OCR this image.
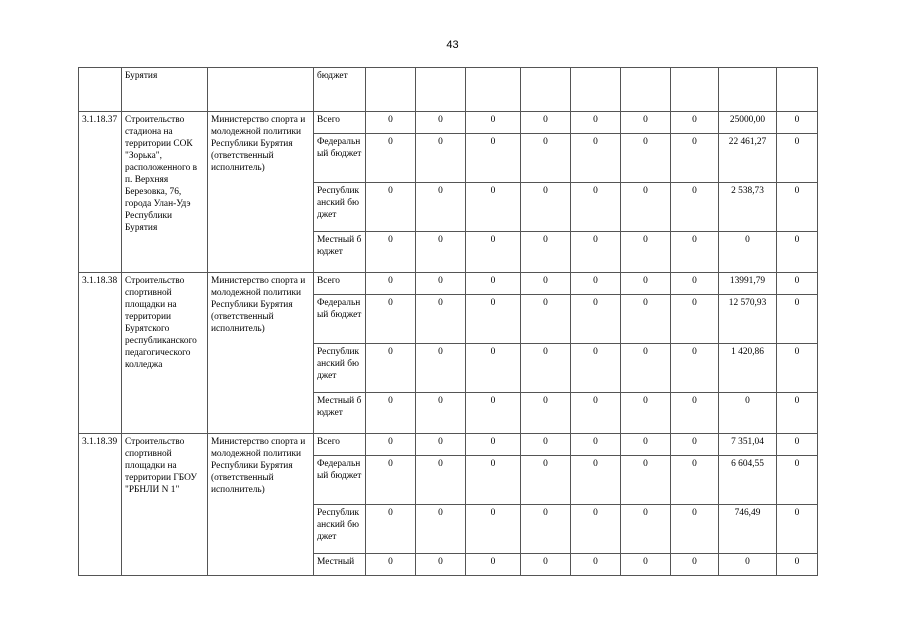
43
	Бурятия		бюджет									
3.1.18.37	Строительство стадиона на территории СОК "Зорька", расположенного в п. Верхняя Березовка, 76, города Улан-Удэ Республики Бурятия	Министерство спорта и молодежной политики Республики Бурятия (ответственный исполнитель)	Всего	0	0	0	0	0	0	0	25000,00	0
			Федеральный бюджет	0	0	0	0	0	0	0	22 461,27	0
			Республиканский бюджет	0	0	0	0	0	0	0	2 538,73	0
			Местный бюджет	0	0	0	0	0	0	0	0	0
3.1.18.38	Строительство спортивной площадки на территории Бурятского республиканского педагогического колледжа	Министерство спорта и молодежной политики Республики Бурятия (ответственный исполнитель)	Всего	0	0	0	0	0	0	0	13991,79	0
			Федеральный бюджет	0	0	0	0	0	0	0	12 570,93	0
			Республиканский бюджет	0	0	0	0	0	0	0	1 420,86	0
			Местный бюджет	0	0	0	0	0	0	0	0	0
3.1.18.39	Строительство спортивной площадки на территории ГБОУ "РБНЛИ N 1"	Министерство спорта и молодежной политики Республики Бурятия (ответственный исполнитель)	Всего	0	0	0	0	0	0	0	7 351,04	0
			Федеральный бюджет	0	0	0	0	0	0	0	6 604,55	0
			Республиканский бюджет	0	0	0	0	0	0	0	746,49	0
			Местный	0	0	0	0	0	0	0	0	0
